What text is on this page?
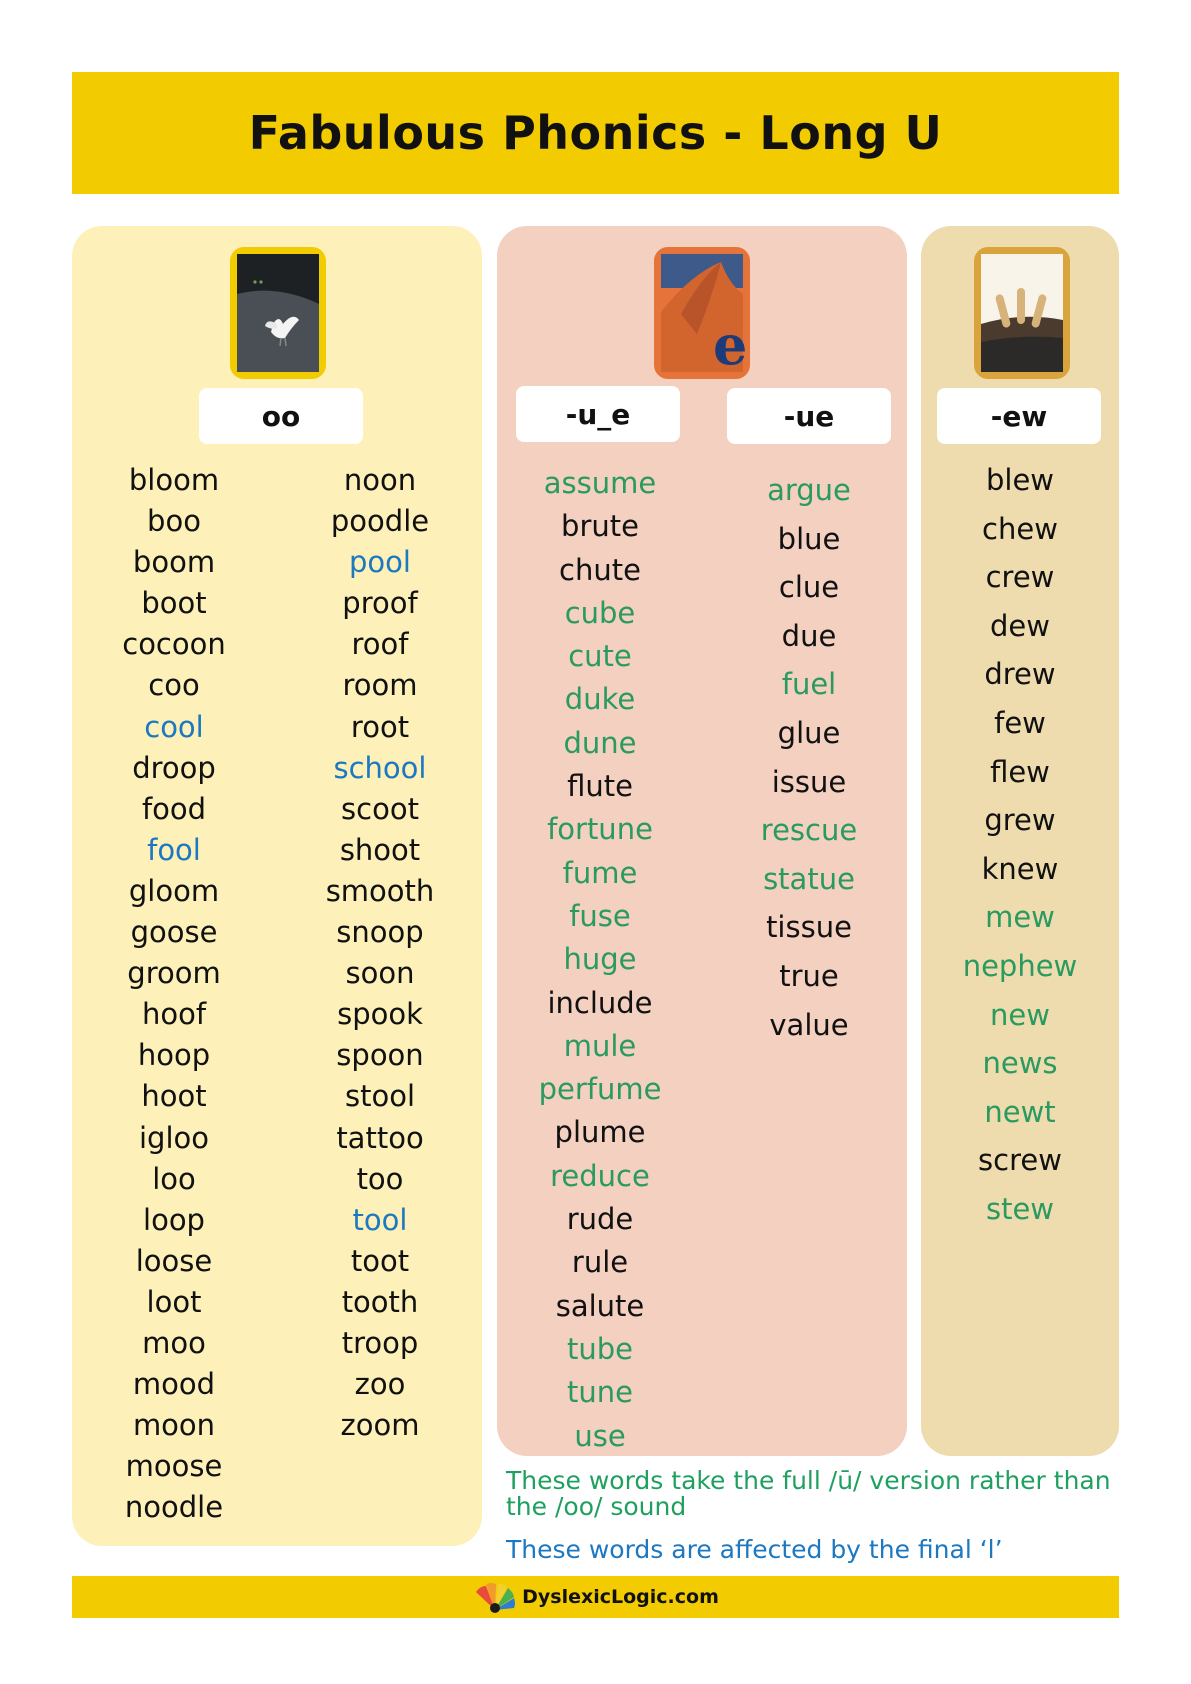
Fabulous Phonics - Long U
e
oo	-u_e	-ue	-ew
bloom
boo
boom
boot
cocoon
coo
cool
droop
food
fool
gloom
goose
groom
hoof
hoop
hoot
igloo
loo
loop
loose
loot
moo
mood
moon
moose
noodle
noon
poodle
pool
proof
roof
room
root
school
scoot
shoot
smooth
snoop
soon
spook
spoon
stool
tattoo
too
tool
toot
tooth
troop
zoo
zoom
assume
brute
chute
cube
cute
duke
dune
flute
fortune
fume
fuse
huge
include
mule
perfume
plume
reduce
rude
rule
salute
tube
tune
use
argue
blue
clue
due
fuel
glue
issue
rescue
statue
tissue
true
value
blew
chew
crew
dew
drew
few
flew
grew
knew
mew
nephew
new
news
newt
screw
stew
These words take the full /ū/ version rather than the /oo/ sound
These words are affected by the final ‘l’
DyslexicLogic.com
